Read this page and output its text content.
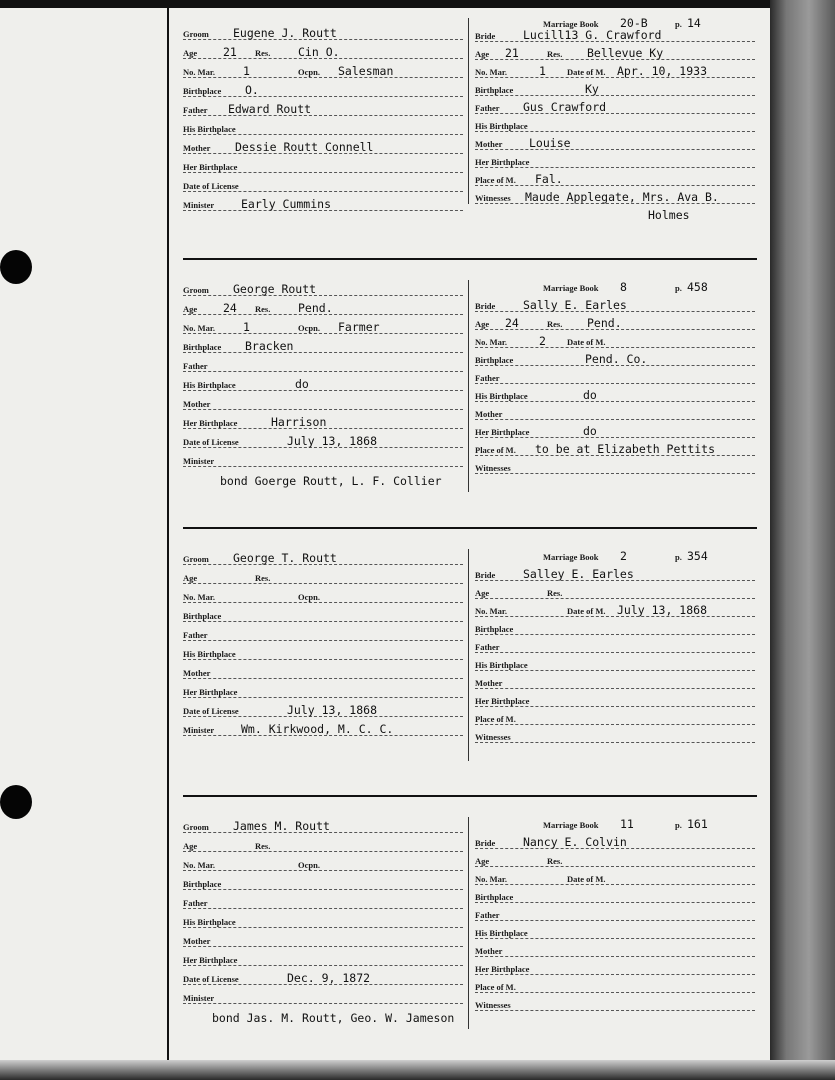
Groom Eugene J. Routt
Age 21 Res. Cin O.
No. Mar. 1	Ocpn. Salesman
Birthplace O.
Father Edward Routt
His Birthplace
Mother Dessie Routt Connell
Her Birthplace
Date of License
Minister Early Cummins
Marriage Book 20-B	p. 14
Bride Lucill13 G. Crawford
Age 21	Res. Bellevue Ky
No. Mar.	1 Date of M. Apr. 10, 1933
Birthplace	Ky
Father Gus Crawford
His Birthplace
Mother Louise
Her Birthplace
Place of M. Fal.
Witnesses Maude Applegate, Mrs. Ava B.
Holmes
Groom George Routt
Age 24 Res. Pend.
No. Mar. 1	Ocpn. Farmer
Birthplace Bracken
Father
His Birthplace	do
Mother
Her Birthplace	Harrison
Date of License	July 13, 1868
Minister
Marriage Book 8	p. 458
Bride Sally E. Earles
Age 24	Res. Pend.
No. Mar.	2 Date of M.
Birthplace	Pend. Co.
Father
His Birthplace	do
Mother
Her Birthplace	do
Place of M. to be at Elizabeth Pettits
Witnesses
bond Goerge Routt, L. F. Collier
Groom George T. Routt
Age	Res.
No. Mar.	Ocpn.
Birthplace
Father
His Birthplace
Mother
Her Birthplace
Date of License	July 13, 1868
Minister Wm. Kirkwood, M. C. C.
Marriage Book 2	p. 354
Bride Salley E. Earles
Age	Res.
No. Mar.	Date of M. July 13, 1868
Birthplace
Father
His Birthplace
Mother
Her Birthplace
Place of M.
Witnesses
Groom James M. Routt
Age	Res.
No. Mar.	Ocpn.
Birthplace
Father
His Birthplace
Mother
Her Birthplace
Date of License	Dec. 9, 1872
Minister
Marriage Book 11	p. 161
Bride Nancy E. Colvin
Age	Res.
No. Mar.	Date of M.
Birthplace
Father
His Birthplace
Mother
Her Birthplace
Place of M.
Witnesses
bond Jas. M. Routt, Geo. W. Jameson
